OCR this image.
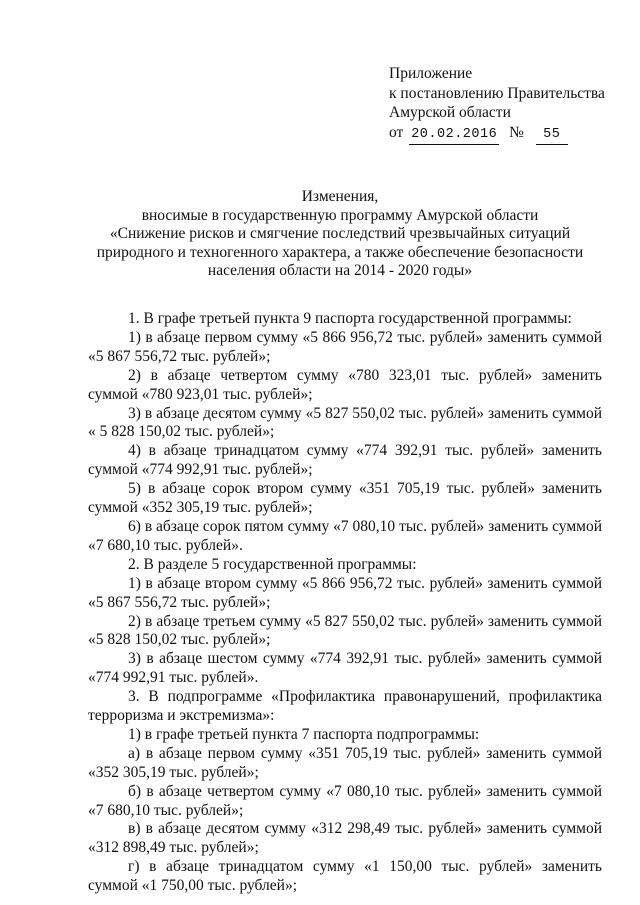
Приложение
к постановлению Правительства
Амурской области
от 20.02.2016 № 55
Изменения,
вносимые в государственную программу Амурской области
«Снижение рисков и смягчение последствий чрезвычайных ситуаций
природного и техногенного характера, а также обеспечение безопасности
населения области на 2014 - 2020 годы»
1. В графе третьей пункта 9 паспорта государственной программы:
1) в абзаце первом сумму «5 866 956,72 тыс. рублей» заменить суммой «5 867 556,72 тыс. рублей»;
2) в абзаце четвертом сумму «780 323,01 тыс. рублей» заменить суммой «780 923,01 тыс. рублей»;
3) в абзаце десятом сумму «5 827 550,02 тыс. рублей» заменить суммой « 5 828 150,02 тыс. рублей»;
4) в абзаце тринадцатом сумму «774 392,91 тыс. рублей» заменить суммой «774 992,91 тыс. рублей»;
5) в абзаце сорок втором сумму «351 705,19 тыс. рублей» заменить суммой «352 305,19 тыс. рублей»;
6) в абзаце сорок пятом сумму «7 080,10 тыс. рублей» заменить суммой «7 680,10 тыс. рублей».
2. В разделе 5 государственной программы:
1) в абзаце втором сумму «5 866 956,72 тыс. рублей» заменить суммой «5 867 556,72 тыс. рублей»;
2) в абзаце третьем сумму «5 827 550,02 тыс. рублей» заменить суммой «5 828 150,02 тыс. рублей»;
3) в абзаце шестом сумму «774 392,91 тыс. рублей» заменить суммой «774 992,91 тыс. рублей».
3. В подпрограмме «Профилактика правонарушений, профилактика терроризма и экстремизма»:
1) в графе третьей пункта 7 паспорта подпрограммы:
а) в абзаце первом сумму «351 705,19 тыс. рублей» заменить суммой «352 305,19 тыс. рублей»;
б) в абзаце четвертом сумму «7 080,10 тыс. рублей» заменить суммой «7 680,10 тыс. рублей»;
в) в абзаце десятом сумму «312 298,49 тыс. рублей» заменить суммой «312 898,49 тыс. рублей»;
г) в абзаце тринадцатом сумму «1 150,00 тыс. рублей» заменить суммой «1 750,00 тыс. рублей»;
